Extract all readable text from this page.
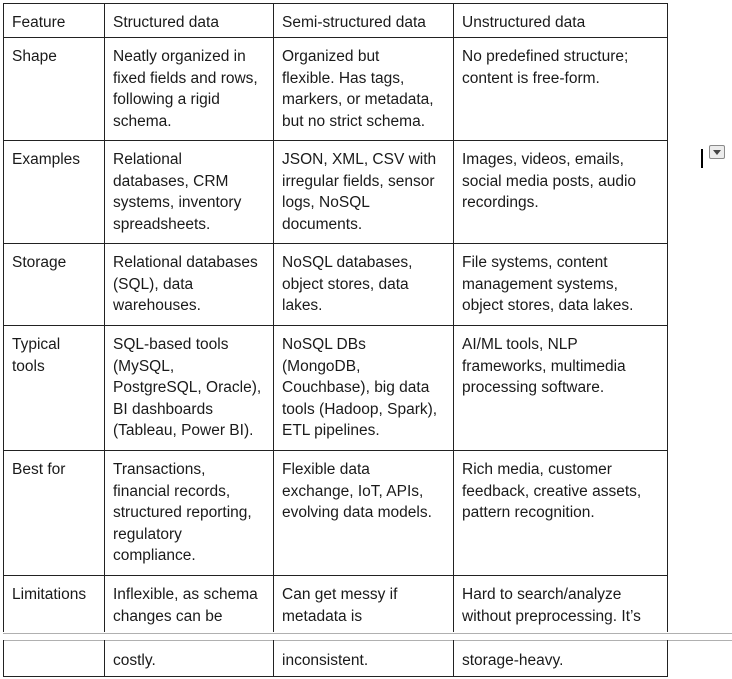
Feature	Structured data	Semi-structured data	Unstructured data
Shape	Neatly organized in
fixed fields and rows,
following a rigid
schema.	Organized but
flexible. Has tags,
markers, or metadata,
but no strict schema.	No predefined structure;
content is free-form.
Examples	Relational
databases, CRM
systems, inventory
spreadsheets.	JSON, XML, CSV with
irregular fields, sensor
logs, NoSQL
documents.	Images, videos, emails,
social media posts, audio
recordings.
Storage	Relational databases
(SQL), data
warehouses.	NoSQL databases,
object stores, data
lakes.	File systems, content
management systems,
object stores, data lakes.
Typical tools	SQL-based tools
(MySQL,
PostgreSQL, Oracle),
BI dashboards
(Tableau, Power BI).	NoSQL DBs
(MongoDB,
Couchbase), big data
tools (Hadoop, Spark),
ETL pipelines.	AI/ML tools, NLP
frameworks, multimedia
processing software.
Best for	Transactions,
financial records,
structured reporting,
regulatory
compliance.	Flexible data
exchange, IoT, APIs,
evolving data models.	Rich media, customer
feedback, creative assets,
pattern recognition.
Limitations	Inflexible, as schema
changes can be	Can get messy if
metadata is	Hard to search/analyze
without preprocessing. It’s
	costly.	inconsistent.	storage-heavy.
